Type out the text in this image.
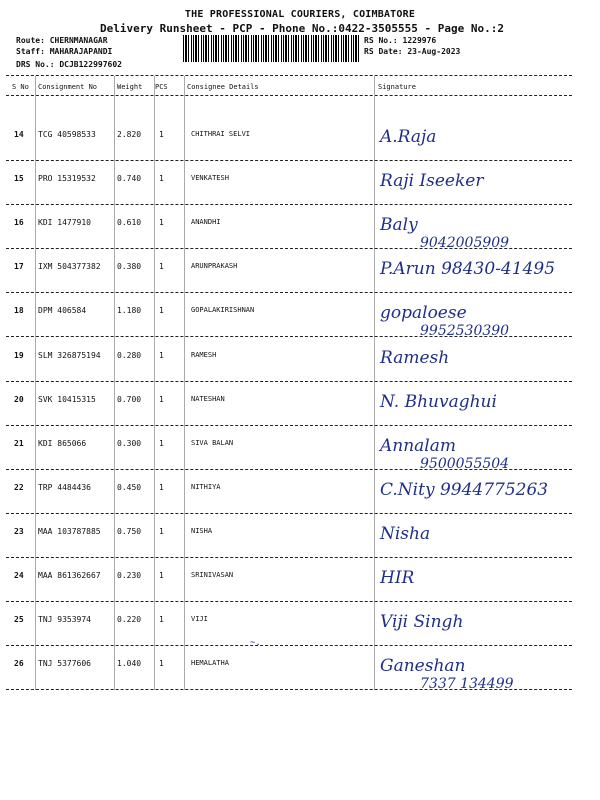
THE PROFESSIONAL COURIERS, COIMBATORE
Delivery Runsheet - PCP - Phone No.:0422-3505555 - Page No.:2
Route: CHERNMANAGAR
Staff: MAHARAJAPANDI
DRS No.: DCJB122997602
RS No.: 1229976
RS Date: 23-Aug-2023
S No Consignment No	Weight PCS	Consignee Details	Signature
14 TCG 40598533	2.820 1	CHITHRAI SELVI	A.Raja
15 PRO 15319532	0.740 1	VENKATESH	Raji Iseeker
16 KDI 1477910	0.610 1	ANANDHI	Baly
9042005909
17 IXM 504377382 0.380 1	ARUNPRAKASH	P.Arun 98430-41495
18 DPM 406584	1.180 1	GOPALAKIRISHNAN	gopaloese
9952530390
19 SLM 326875194 0.280 1	RAMESH	Ramesh
20 SVK 10415315	0.700 1	NATESHAN	N. Bhuvaghui
21 KDI 865066	0.300 1	SIVA BALAN	Annalam
9500055504
22 TRP 4484436	0.450 1	NITHIYA	C.Nity 9944775263
23 MAA 103787885 0.750 1	NISHA	Nisha
24 MAA 861362667 0.230 1	SRINIVASAN	HIR
25 TNJ 9353974	0.220 1	VIJI	Viji Singh
26 TNJ 5377606	1.040 1	HEMALATHA	Ganeshan
7337 134499
~.
